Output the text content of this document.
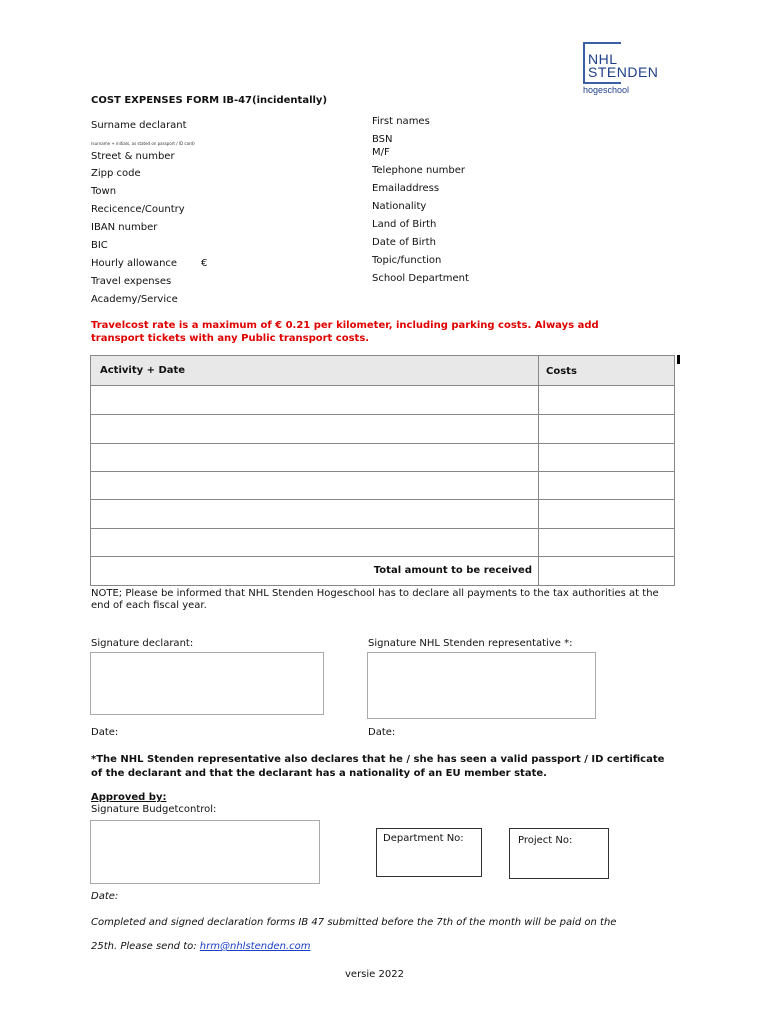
NHL
STENDEN
hogeschool
COST EXPENSES FORM IB-47(incidentally)
Surname declarant
(surname + initials, as stated on passport / ID card)
Street & number
Zipp code
Town
Recicence/Country
IBAN number
BIC
Hourly allowance €
Travel expenses
Academy/Service
First names
BSN
M/F
Telephone number
Emailaddress
Nationality
Land of Birth
Date of Birth
Topic/function
School Department
Travelcost rate is a maximum of € 0.21 per kilometer, including parking costs. Always add transport tickets with any Public transport costs.
Activity + Date	Costs
Total amount to be received
NOTE; Please be informed that NHL Stenden Hogeschool has to declare all payments to the tax authorities at the end of each fiscal year.
Signature declarant:	Signature NHL Stenden representative *:
Date:	Date:
*The NHL Stenden representative also declares that he / she has seen a valid passport / ID certificate of the declarant and that the declarant has a nationality of an EU member state.
Approved by:
Signature Budgetcontrol:
Department No:	Project No:
Date:
Completed and signed declaration forms IB 47 submitted before the 7th of the month will be paid on the
25th. Please send to: hrm@nhlstenden.com
versie 2022
